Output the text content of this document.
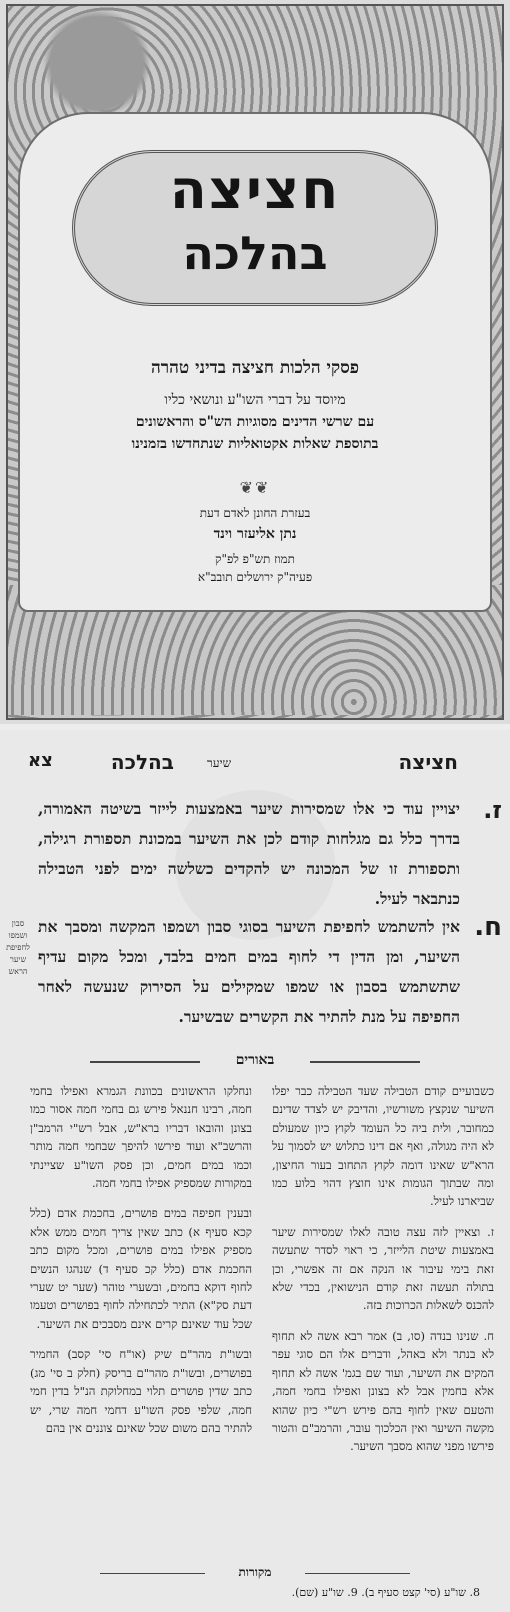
חציצה
בהלכה
פסקי הלכות חציצה בדיני טהרה
מיוסד על דברי השו"ע ונושאי כליו
עם שרשי הדינים מסוגיות הש"ס והראשונים
בתוספת שאלות אקטואליות שנתחדשו בזמנינו
❦❦
בעזרת החונן לאדם דעת
נתן אליעזר וינד
תמוז תש"פ לפ"ק
פעיה"ק ירושלים תובב"א
חציצה
שיער
בהלכה
צא
ז.
יצויין עוד כי אלו שמסירות שיער באמצעות לייזר בשיטה האמורה, בדרך כלל גם מגלחות קודם לכן את השיער במכונת תספורת רגילה, ותספורת זו של המכונה יש להקדים כשלשה ימים לפני הטבילה כנתבאר לעיל.
ח.
אין להשתמש לחפיפת השיער בסוגי סבון ושמפו המקשה ומסבך את השיער, ומן הדין די לחוף במים חמים בלבד, ומכל מקום עדיף שתשתמש בסבון או שמפו שמקילים על הסירוק שנעשה לאחר החפיפה על מנת להתיר את הקשרים שבשיער.
סבון ושמפו לחפיפת שיער הראש
באורים

כשבועיים קודם הטבילה שעד הטבילה כבר יפלו השיער שנקצץ משורשיו, והדיבק יש לצדד שדינם כמחובר, ולית ביה כל העומד לקוץ כיון שמעולם לא היה מגולה, ואף אם דינו כתלוש יש לסמוך על הרא"ש שאינו דומה לקוץ התחוב בעור החיצון, ומה שבתוך הגומות אינו חוצץ דהוי בלוע כמו שביארנו לעיל.

ז. וצאיין לזה עצה טובה לאלו שמסירות שיער באמצעות שיטת הלייזר, כי ראוי לסדר שתעשה זאת בימי עיבור או הנקה אם זה אפשרי, וכן בתולה תעשה זאת קודם הנישואין, בכדי שלא להכנס לשאלות הכרוכות בזה.

ח. שנינו בנדה (סו, ב) אמר רבא אשה לא תחוף לא בנתר ולא באהל, ודברים אלו הם סוגי עפר המקים את השיער, ועוד שם בגמ' אשה לא תחוף אלא בחמין אבל לא בצונן ואפילו בחמי חמה, והטעם שאין לחוף בהם פירש רש"י כיון שהוא מקשה השיער ואין הכלכוך עובר, והרמב"ם והטור פירשו מפני שהוא מסבך השיער.

ונחלקו הראשונים בכוונת הגמרא ואפילו בחמי חמה, רבינו חננאל פירש גם בחמי חמה אסור כמו בצונן והובאו דבריו ברא"ש, אבל רש"י הרמב"ן והרשב"א ועוד פירשו להיפך שבחמי חמה מותר וכמו במים חמים, וכן פסק השו"ע שציינתי במקורות שמספיק אפילו בחמי חמה.

ובענין חפיפה במים פושרים, בחכמת אדם (כלל קכא סעיף א) כתב שאין צריך חמים ממש אלא מספיק אפילו במים פושרים, ומכל מקום כתב החכמת אדם (כלל קכ סעיף ד) שנהגו הנשים לחוף דוקא בחמים, ובשערי טוהר (שער יט שערי דעת סק"א) התיר לכתחילה לחוף בפושרים וטעמו שכל עוד שאינם קרים אינם מסבכים את השיער.

ובשו"ת מהר"ם שיק (או"ח סי' קסב) החמיר בפושרים, ובשו"ת מהר"ם בריסק (חלק ב סי' מג) כתב שדין פושרים תלוי במחלוקת הנ"ל בדין חמי חמה, שלפי פסק השו"ע דחמי חמה שרי, יש להתיר בהם משום שכל שאינם צוננים אין בהם

מקורות
8. שו"ע (סי' קצט סעיף ב). 9. שו"ע (שם).
